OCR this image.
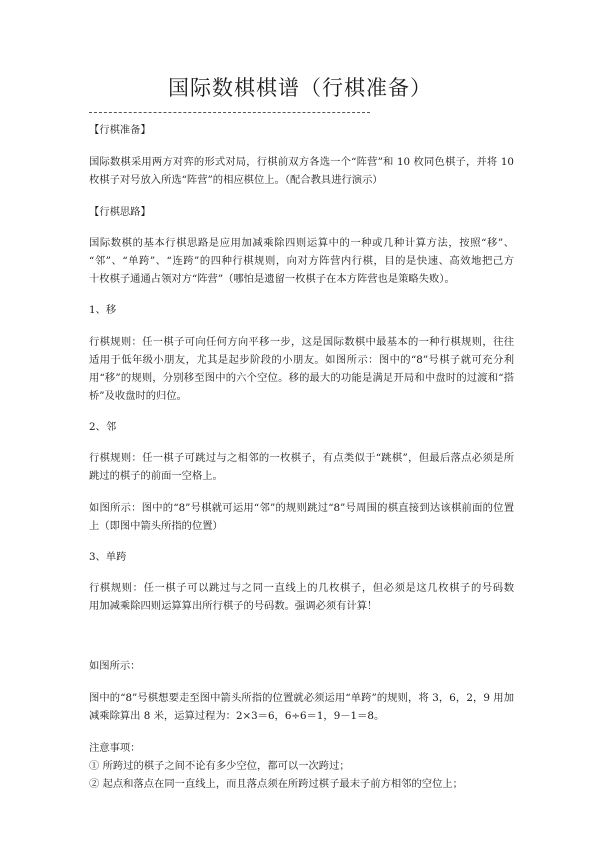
国际数棋棋谱（行棋准备）
【行棋准备】
国际数棋采用两方对弈的形式对局，行棋前双方各选一个“阵营”和 10 枚同色棋子，并将 10
枚棋子对号放入所选“阵营”的相应棋位上。（配合教具进行演示）
【行棋思路】
国际数棋的基本行棋思路是应用加减乘除四则运算中的一种或几种计算方法，按照“移”、
“邻”、“单跨”、“连跨”的四种行棋规则，向对方阵营内行棋，目的是快速、高效地把己方
十枚棋子通通占领对方“阵营”（哪怕是遗留一枚棋子在本方阵营也是策略失败）。
1、移
行棋规则：任一棋子可向任何方向平移一步，这是国际数棋中最基本的一种行棋规则，往往
适用于低年级小朋友，尤其是起步阶段的小朋友。如图所示：图中的“8”号棋子就可充分利
用“移”的规则，分别移至图中的六个空位。移的最大的功能是满足开局和中盘时的过渡和“搭
桥”及收盘时的归位。
2、邻
行棋规则：任一棋子可跳过与之相邻的一枚棋子，有点类似于“跳棋”，但最后落点必须是所
跳过的棋子的前面一空格上。
如图所示：图中的“8”号棋就可运用“邻”的规则跳过“8”号周围的棋直接到达该棋前面的位置
上（即图中箭头所指的位置）
3、单跨
行棋规则：任一棋子可以跳过与之同一直线上的几枚棋子，但必须是这几枚棋子的号码数
用加减乘除四则运算算出所行棋子的号码数。强调必须有计算！
如图所示：
图中的“8”号棋想要走至图中箭头所指的位置就必须运用“单跨”的规则，将 3，6，2，9 用加
减乘除算出 8 米，运算过程为：2×3＝6，6÷6＝1，9－1＝8。
注意事项：
① 所跨过的棋子之间不论有多少空位，都可以一次跨过；
② 起点和落点在同一直线上，而且落点须在所跨过棋子最末子前方相邻的空位上；
